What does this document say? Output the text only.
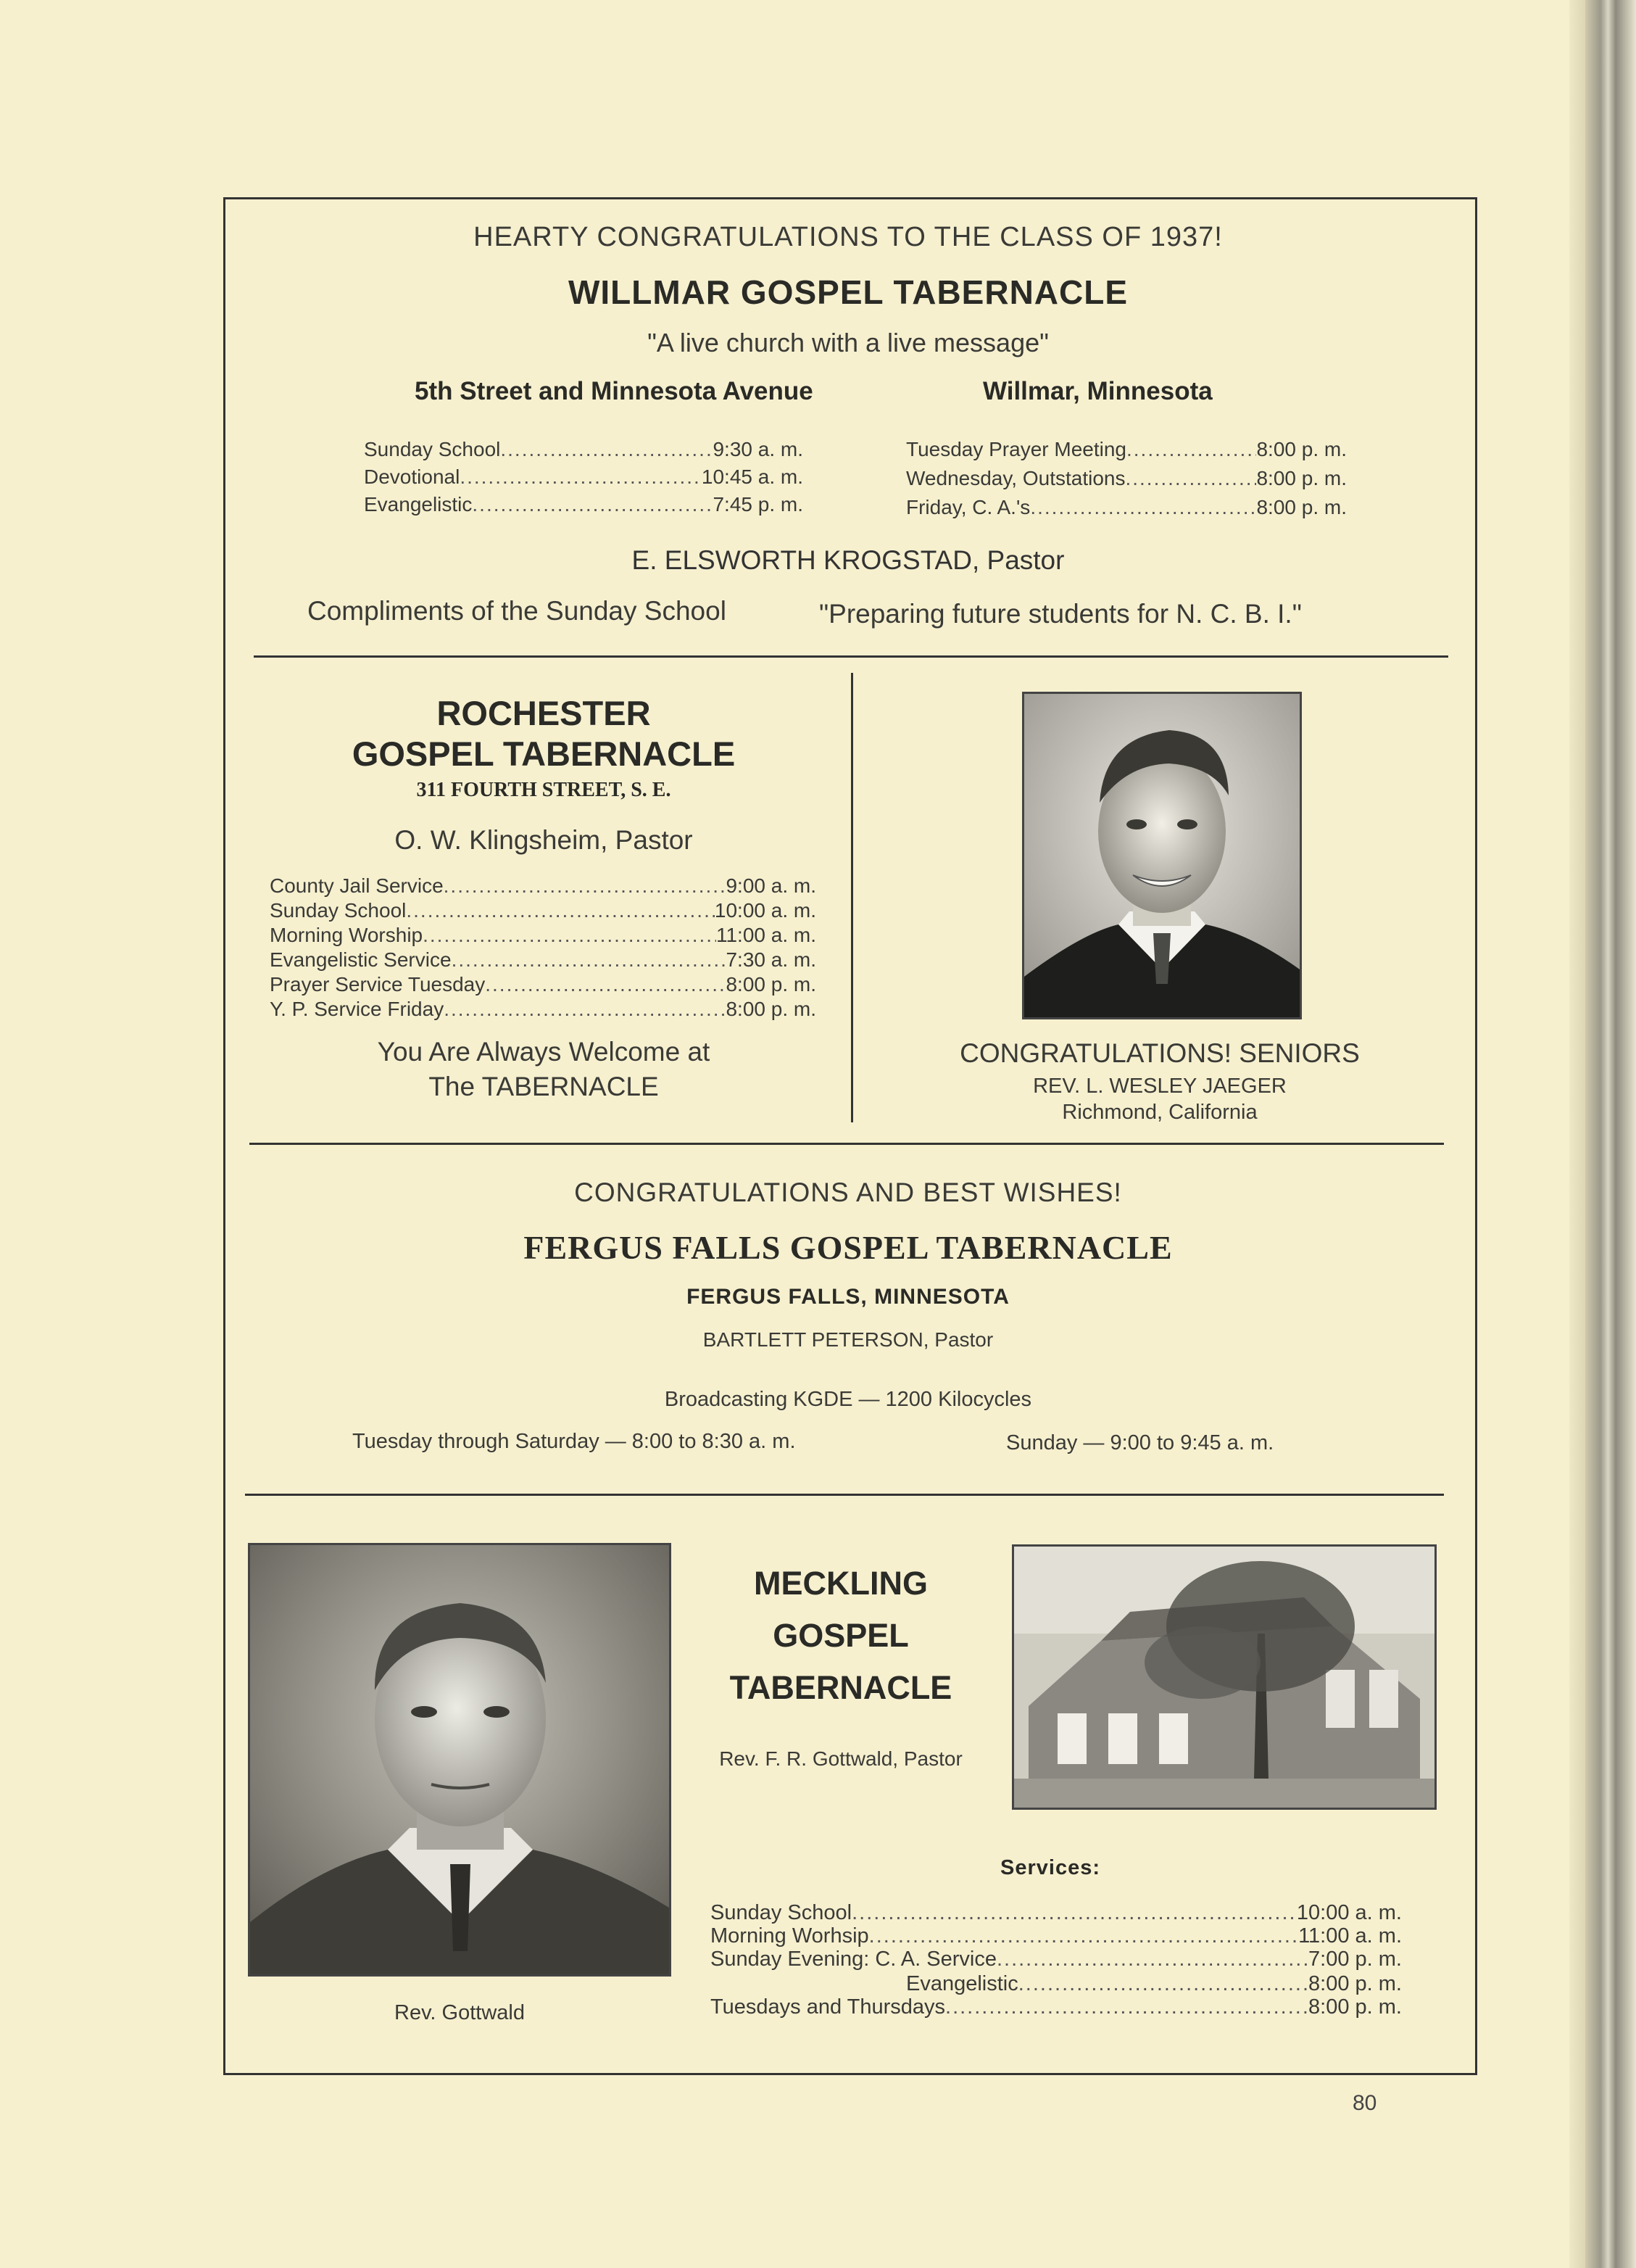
HEARTY CONGRATULATIONS TO THE CLASS OF 1937!
WILLMAR GOSPEL TABERNACLE
"A live church with a live message"
5th Street and Minnesota Avenue	Willmar, Minnesota
Sunday School .....	9:30 a. m.
Devotional .....	10:45 a. m.
Evangelistic .....	7:45 p. m.
Tuesday Prayer Meeting .....	8:00 p. m.
Wednesday, Outstations .....	8:00 p. m.
Friday, C. A.'s .....	8:00 p. m.
E. ELSWORTH KROGSTAD, Pastor
Compliments of the Sunday School	"Preparing future students for N. C. B. I."
ROCHESTER
GOSPEL TABERNACLE
311 FOURTH STREET, S. E.
O. W. Klingsheim, Pastor
County Jail Service .....	9:00 a. m.
Sunday School .....	10:00 a. m.
Morning Worship .....	11:00 a. m.
Evangelistic Service .....	7:30 a. m.
Prayer Service Tuesday .....	8:00 p. m.
Y. P. Service Friday .....	8:00 p. m.
You Are Always Welcome at
The TABERNACLE
CONGRATULATIONS! SENIORS
REV. L. WESLEY JAEGER
Richmond, California
CONGRATULATIONS AND BEST WISHES!
FERGUS FALLS GOSPEL TABERNACLE
FERGUS FALLS, MINNESOTA
BARTLETT PETERSON, Pastor
Broadcasting KGDE — 1200 Kilocycles
Tuesday through Saturday — 8:00 to 8:30 a. m.	Sunday — 9:00 to 9:45 a. m.
Rev. Gottwald
MECKLING
GOSPEL
TABERNACLE
Rev. F. R. Gottwald, Pastor
Services:
Sunday School .....	10:00 a. m.
Morning Worhsip .....	11:00 a. m.
Sunday Evening: C. A. Service .....	7:00 p. m.
Evangelistic .....	8:00 p. m.
Tuesdays and Thursdays .....	8:00 p. m.
80
